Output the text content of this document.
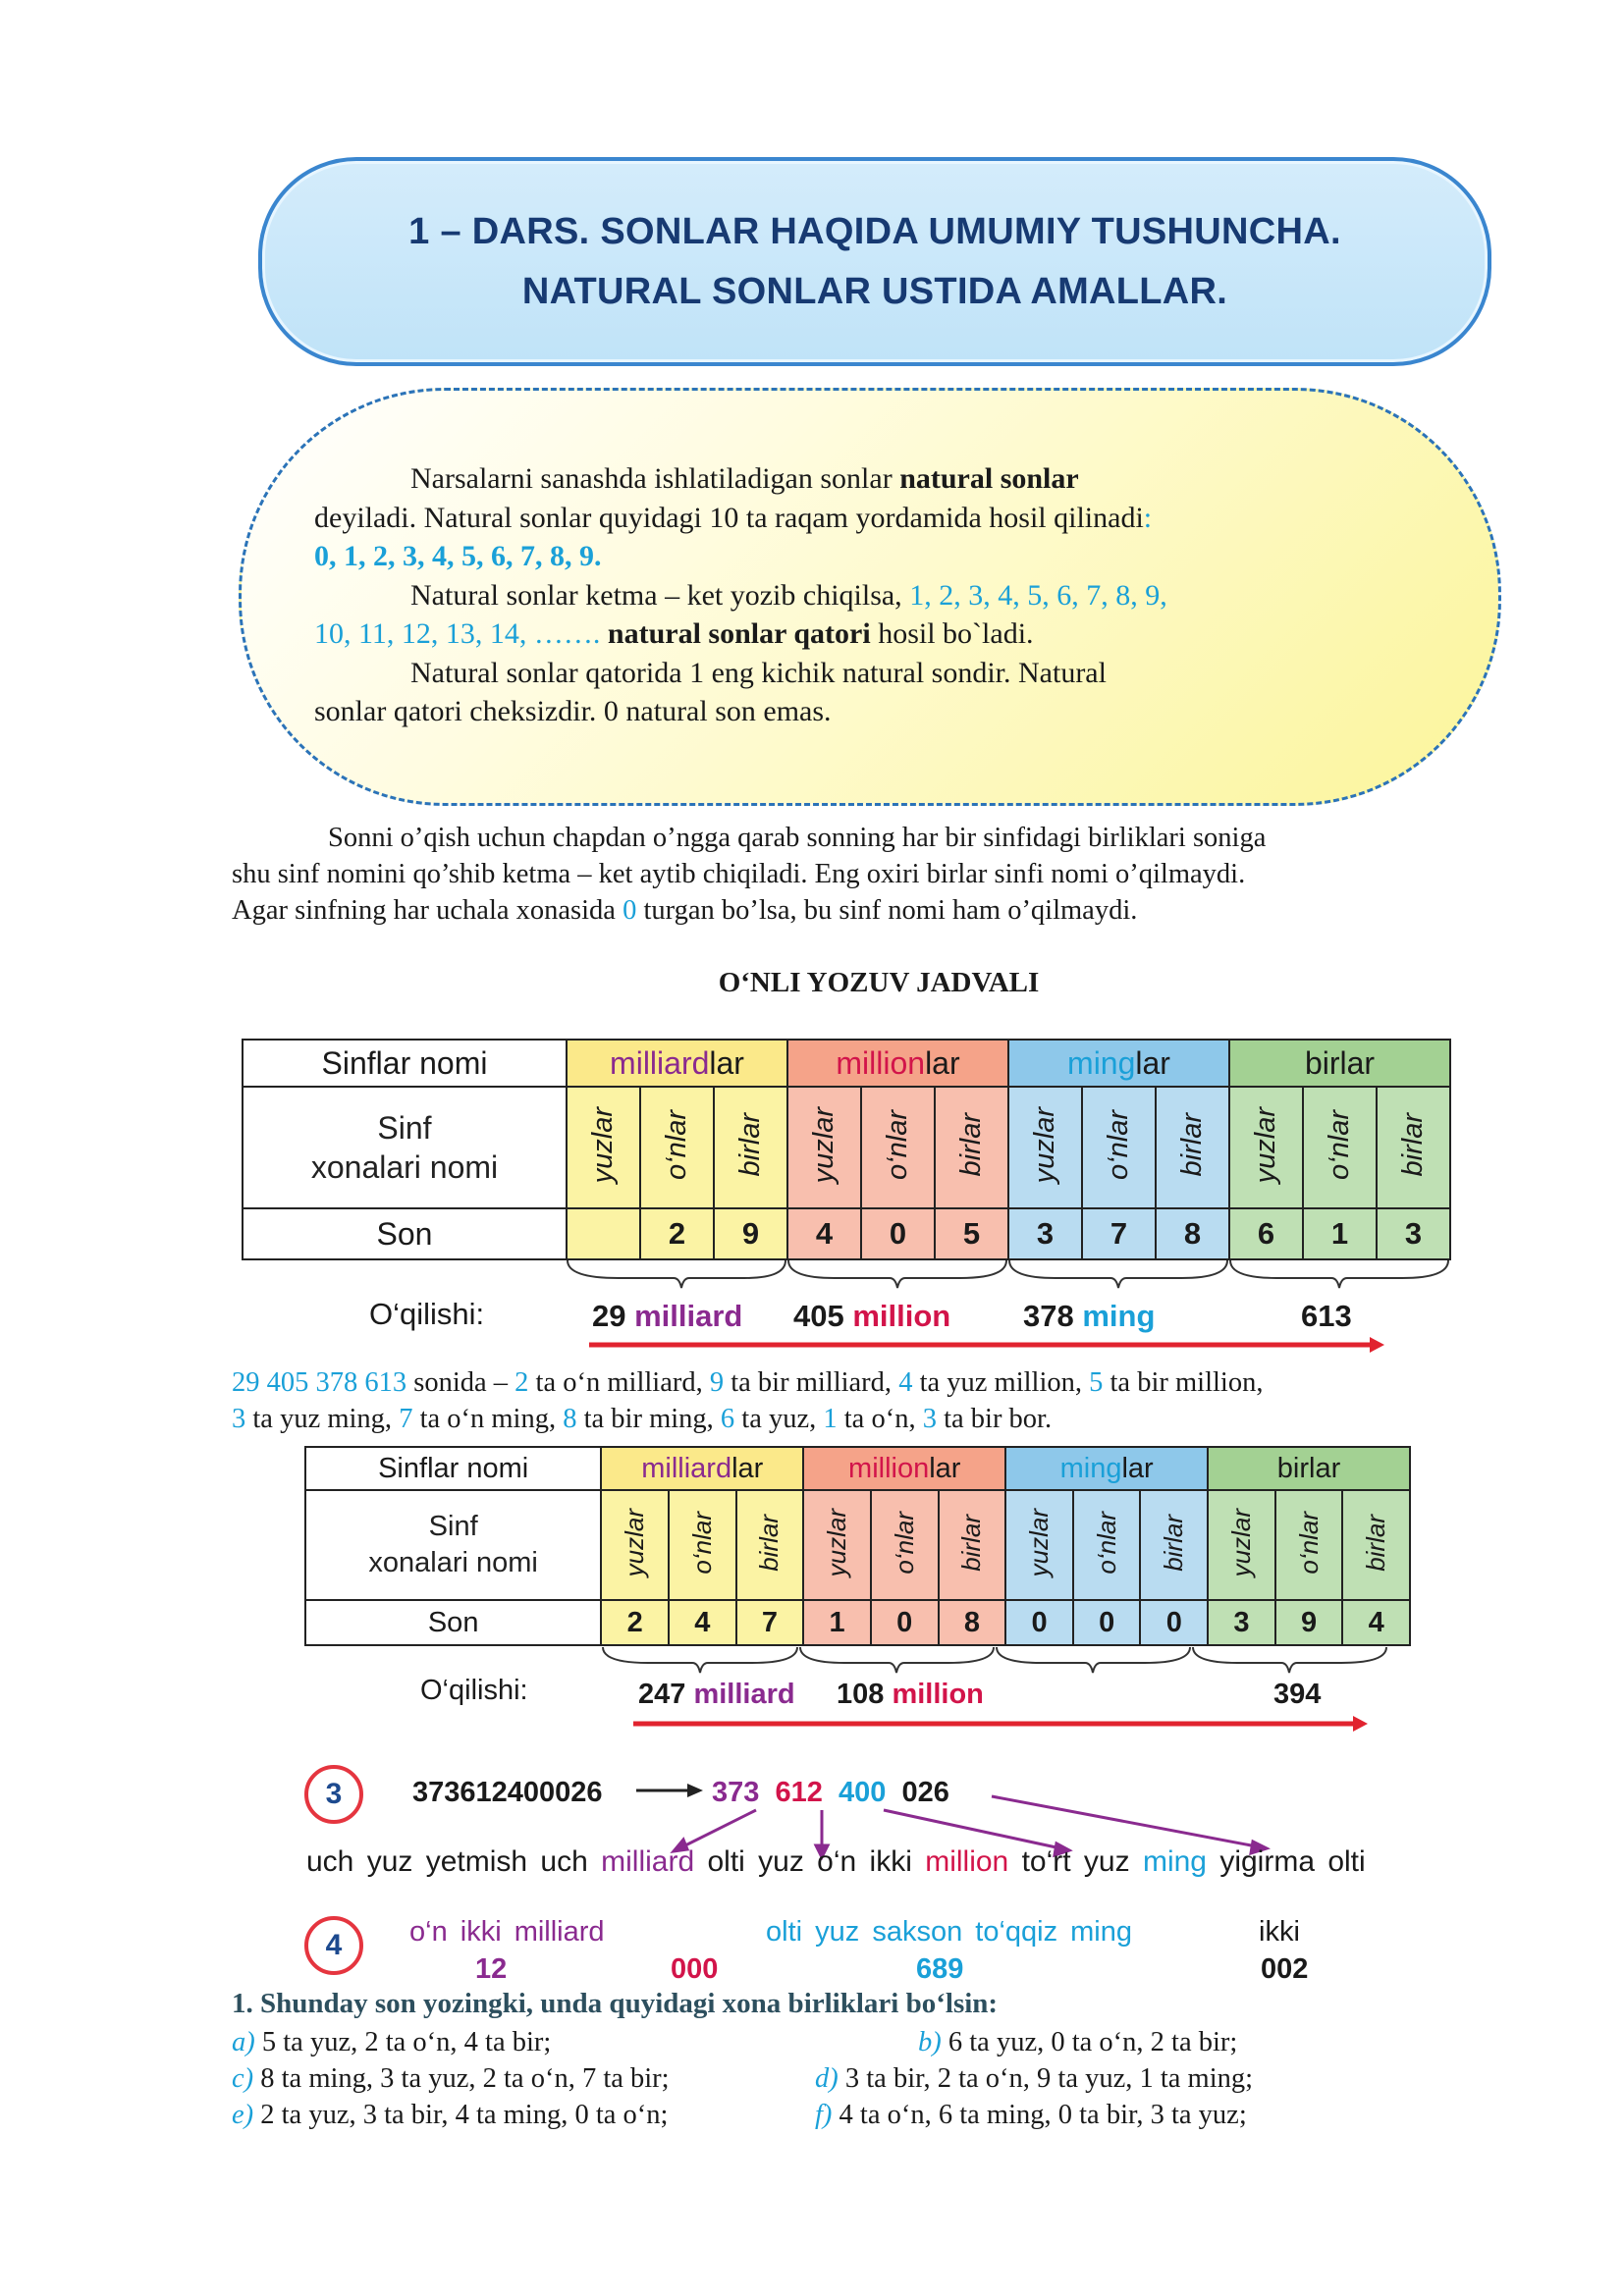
1 – DARS. SONLAR HAQIDA UMUMIY TUSHUNCHA.
NATURAL SONLAR USTIDA AMALLAR.
Narsalarni sanashda ishlatiladigan sonlar natural sonlar
deyiladi. Natural sonlar quyidagi 10 ta raqam yordamida hosil qilinadi:
0, 1, 2, 3, 4, 5, 6, 7, 8, 9.
Natural sonlar ketma – ket yozib chiqilsa, 1, 2, 3, 4, 5, 6, 7, 8, 9,
10, 11, 12, 13, 14, ……. natural sonlar qatori hosil bo`ladi.
Natural sonlar qatorida 1 eng kichik natural sondir. Natural
sonlar qatori cheksizdir. 0 natural son emas.
Sonni o’qish uchun chapdan o’ngga qarab sonning har bir sinfidagi birliklari soniga
shu sinf nomini qo’shib ketma – ket aytib chiqiladi. Eng oxiri birlar sinfi nomi o’qilmaydi.
Agar sinfning har uchala xonasida 0 turgan bo’lsa, bu sinf nomi ham o’qilmaydi.
O‘NLI YOZUV JADVALI
Sinflar nomi	milliardlar			millionlar			minglar			birlar		

Sinf
xonalari nomi	yuzlar	o‘nlar	birlar	yuzlar	o‘nlar	birlar	yuzlar	o‘nlar	birlar	yuzlar	o‘nlar	birlar
Son		2	9	4	0	5	3	7	8	6	1	3
O‘qilishi:	29 milliard 405 million 378 ming	613
29 405 378 613 sonida – 2 ta o‘n milliard, 9 ta bir milliard, 4 ta yuz million, 5 ta bir million,
3 ta yuz ming, 7 ta o‘n ming, 8 ta bir ming, 6 ta yuz, 1 ta o‘n, 3 ta bir bor.
Sinflar nomi	milliardlar			millionlar			minglar			birlar		

Sinf
xonalari nomi	yuzlar	o‘nlar	birlar	yuzlar	o‘nlar	birlar	yuzlar	o‘nlar	birlar	yuzlar	o‘nlar	birlar
Son	2	4	7	1	0	8	0	0	0	3	9	4
O‘qilishi:	247 milliard 108 million	394
3	373612400026	373 612 400 026
uch yuz yetmish uch milliard olti yuz o‘n ikki million to‘rt yuz ming yigirma olti
4	o‘n ikki milliard	olti yuz sakson to‘qqiz ming	ikki
12	000	689	002
1. Shunday son yozingki, unda quyidagi xona birliklari bo‘lsin:
a) 5 ta yuz, 2 ta o‘n, 4 ta bir;	b) 6 ta yuz, 0 ta o‘n, 2 ta bir;
c) 8 ta ming, 3 ta yuz, 2 ta o‘n, 7 ta bir;	d) 3 ta bir, 2 ta o‘n, 9 ta yuz, 1 ta ming;
e) 2 ta yuz, 3 ta bir, 4 ta ming, 0 ta o‘n;	f) 4 ta o‘n, 6 ta ming, 0 ta bir, 3 ta yuz;
